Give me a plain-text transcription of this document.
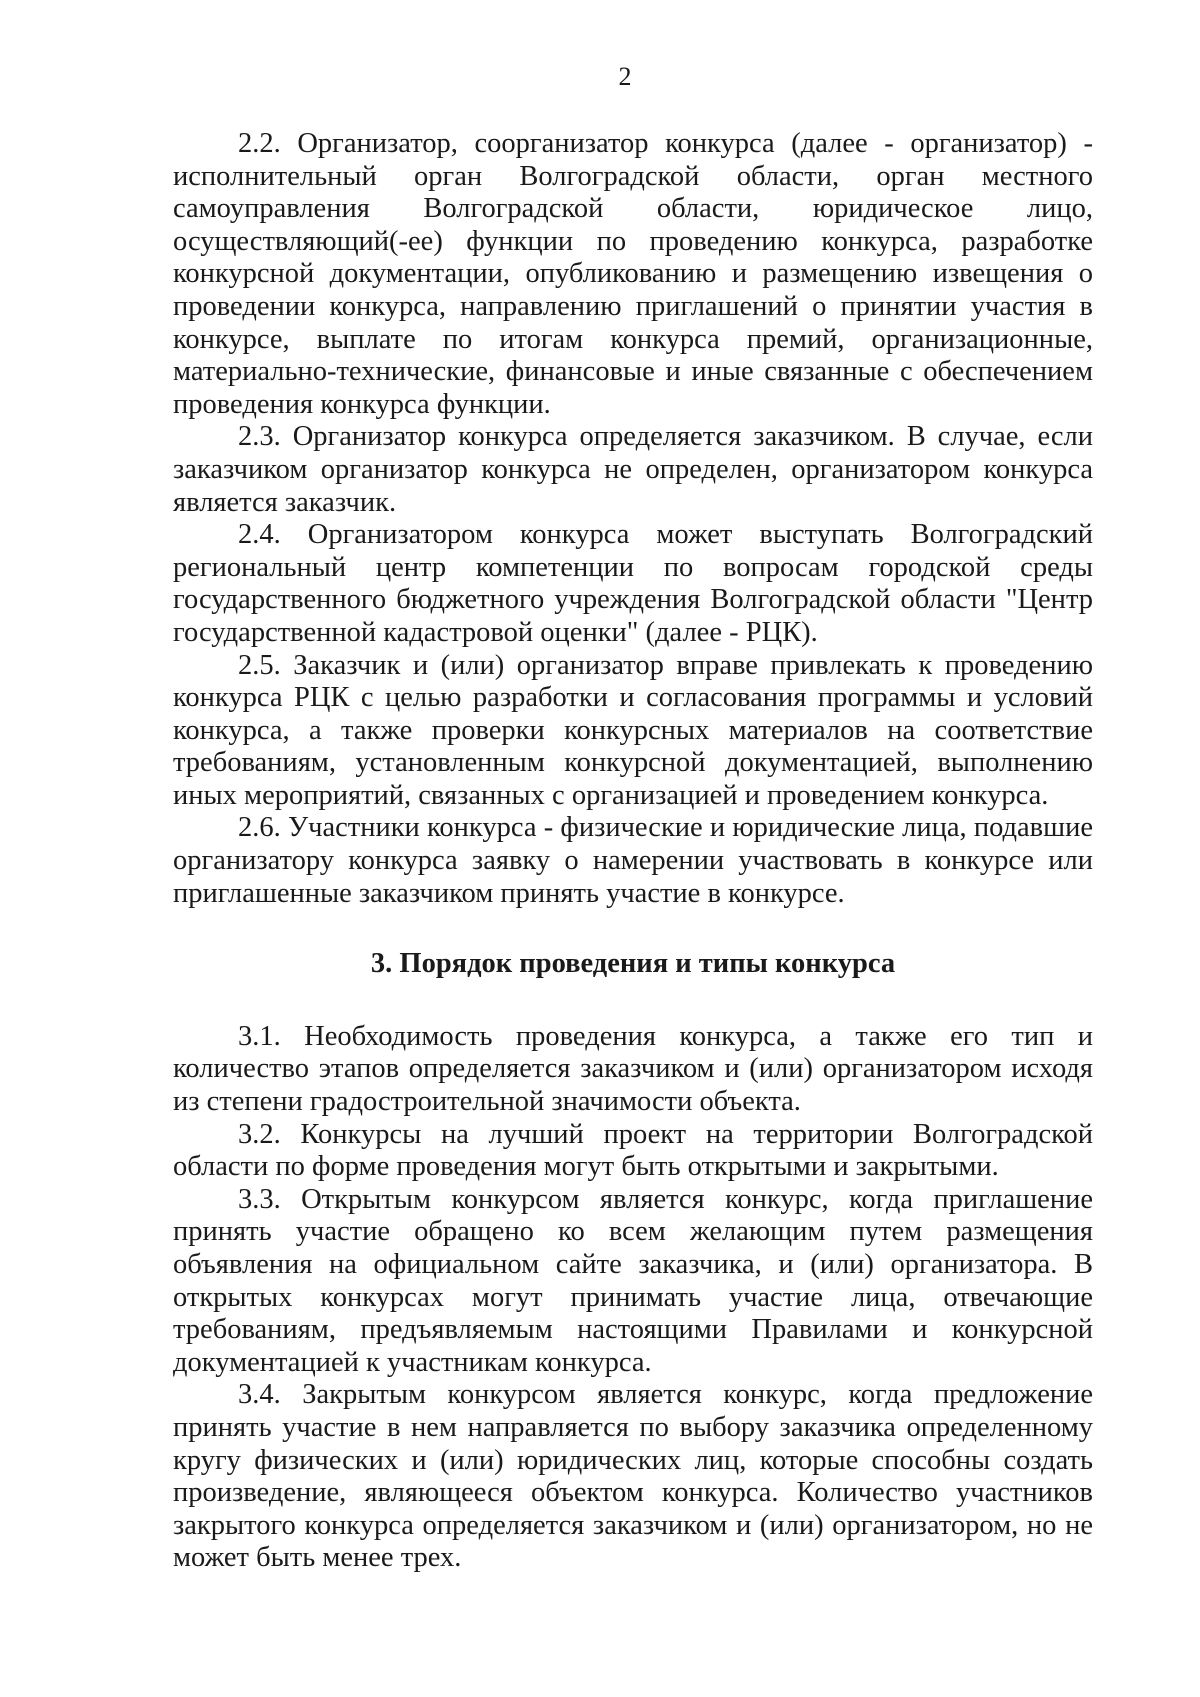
2

2.2. Организатор, соорганизатор конкурса (далее - организатор) - исполнительный орган Волгоградской области, орган местного самоуправления Волгоградской области, юридическое лицо, осуществляющий(-ее) функции по проведению конкурса, разработке конкурсной документации, опубликованию и размещению извещения о проведении конкурса, направлению приглашений о принятии участия в конкурсе, выплате по итогам конкурса премий, организационные, материально-технические, финансовые и иные связанные с обеспечением проведения конкурса функции.

2.3. Организатор конкурса определяется заказчиком. В случае, если заказчиком организатор конкурса не определен, организатором конкурса является заказчик.

2.4. Организатором конкурса может выступать Волгоградский региональный центр компетенции по вопросам городской среды государственного бюджетного учреждения Волгоградской области "Центр государственной кадастровой оценки" (далее - РЦК).

2.5. Заказчик и (или) организатор вправе привлекать к проведению конкурса РЦК с целью разработки и согласования программы и условий конкурса, а также проверки конкурсных материалов на соответствие требованиям, установленным конкурсной документацией, выполнению иных мероприятий, связанных с организацией и проведением конкурса.

2.6. Участники конкурса - физические и юридические лица, подавшие организатору конкурса заявку о намерении участвовать в конкурсе или приглашенные заказчиком принять участие в конкурсе.

3. Порядок проведения и типы конкурса

3.1. Необходимость проведения конкурса, а также его тип и количество этапов определяется заказчиком и (или) организатором исходя из степени градостроительной значимости объекта.

3.2. Конкурсы на лучший проект на территории Волгоградской области по форме проведения могут быть открытыми и закрытыми.

3.3. Открытым конкурсом является конкурс, когда приглашение принять участие обращено ко всем желающим путем размещения объявления на официальном сайте заказчика, и (или) организатора. В открытых конкурсах могут принимать участие лица, отвечающие требованиям, предъявляемым настоящими Правилами и конкурсной документацией к участникам конкурса.

3.4. Закрытым конкурсом является конкурс, когда предложение принять участие в нем направляется по выбору заказчика определенному кругу физических и (или) юридических лиц, которые способны создать произведение, являющееся объектом конкурса. Количество участников закрытого конкурса определяется заказчиком и (или) организатором, но не может быть менее трех.
